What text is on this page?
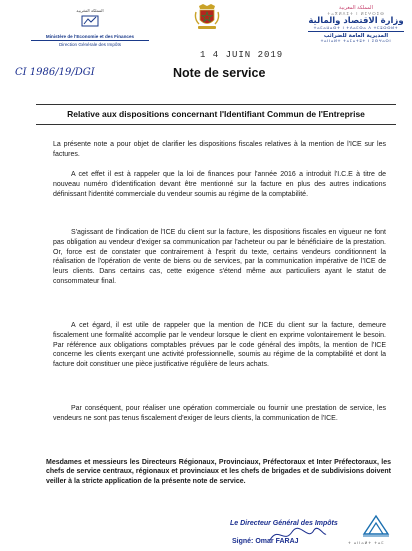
المملكة المغربية
Ministère de l'Economie et des Finances
Direction Générale des Impôts
المملكة المغربية
ⵜⴰⴳⵍⴷⵉⵜ ⵏ ⵍⵎⵖⵔⵉⴱ
وزارة الاقتصاد والمالية
ⵜⴰⵎⴰⵡⴰⵙⵜ ⵏ ⵜⴷⴰⵎⵙⴰ ⴷ ⵜⵎⵓⵔⵙⵍⵜ
المديرية العامة للضرائب
ⵜⴰⵏⵏⴰⵍⵜ ⵜⴰⵎⴰⵜⵓⵜ ⵏ ⵉⵙⵖⴰⵔⵏ
1 4 JUIN 2019
CI 1986/19/DGI	Note de service
Relative aux dispositions concernant l'Identifiant Commun de l'Entreprise
La présente note a pour objet de clarifier les dispositions fiscales relatives à la mention de l'ICE sur les factures.
A cet effet il est à rappeler que la loi de finances pour l'année 2016 a introduit l'I.C.E à titre de nouveau numéro d'identification devant être mentionné sur la facture en plus des autres indications définissant l'identité commerciale du vendeur soumis au régime de la comptabilité.
S'agissant de l'indication de l'ICE du client sur la facture, les dispositions fiscales en vigueur ne font pas obligation au vendeur d'exiger sa communication par l'acheteur ou par le bénéficiaire de la prestation. Or, force est de constater que contrairement à l'esprit du texte, certains vendeurs conditionnent la réalisation de l'opération de vente de biens ou de services, par la communication impérative de l'ICE de leurs clients. Dans certains cas, cette exigence s'étend même aux particuliers ayant le statut de consommateur final.
A cet égard, il est utile de rappeler que la mention de l'ICE du client sur la facture, demeure fiscalement une formalité accomplie par le vendeur lorsque le client en exprime volontairement le besoin. Par référence aux obligations comptables prévues par le code général des impôts, la mention de l'ICE concerne les clients exerçant une activité professionnelle, soumis au régime de la comptabilité et dont la facture doit constituer une pièce justificative régulière de leurs achats.
Par conséquent, pour réaliser une opération commerciale ou fournir une prestation de service, les vendeurs ne sont pas tenus fiscalement d'exiger de leurs clients, la communication de l'ICE.
Mesdames et messieurs les Directeurs Régionaux, Provinciaux, Préfectoraux et Inter Préfectoraux, les chefs de service centraux, régionaux et provinciaux et les chefs de brigades et de subdivisions doivent veiller à la stricte application de la présente note de service.
Le Directeur Général des Impôts
Signé: Omar FARAJ	ⵜ ⴰⵏⵏⴰⵍⵜ ⵜⴰⵎ
